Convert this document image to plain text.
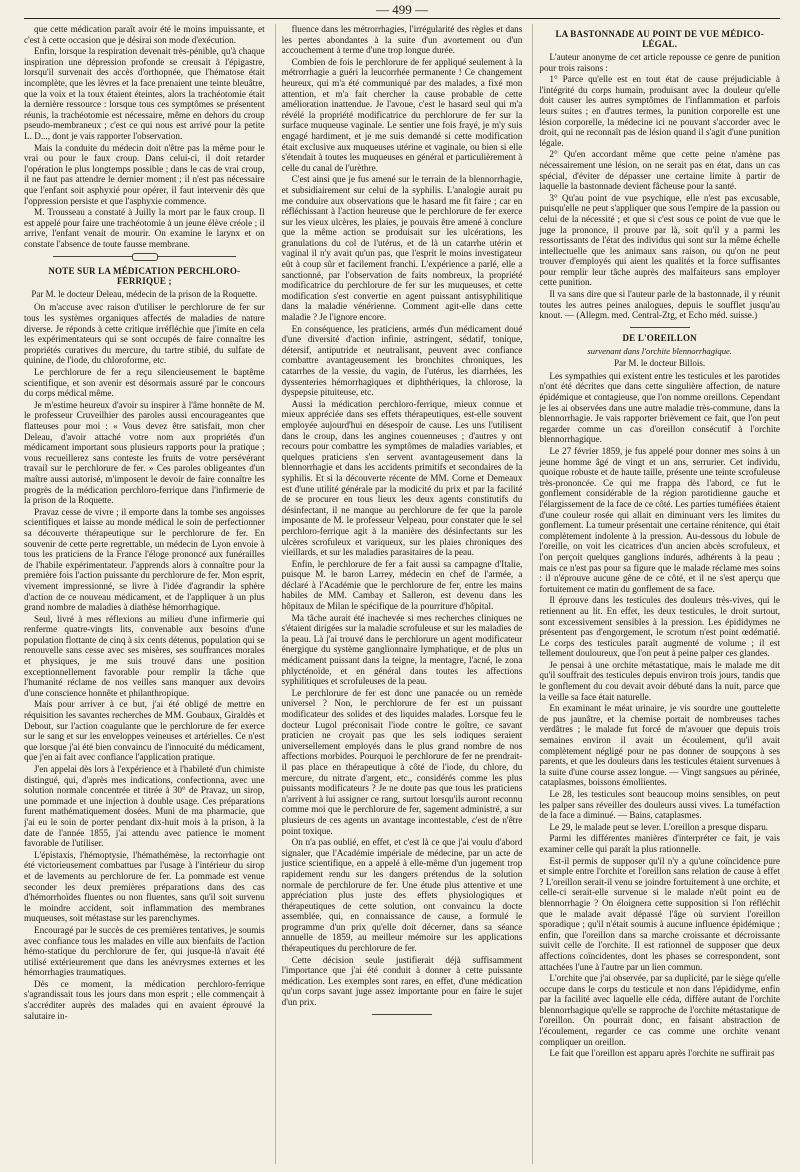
— 499 —

que cette médication paraît avoir été le moins impuissante, et c'est à cette occasion que je désirai son mode d'exécution.

Enfin, lorsque la respiration devenait très-pénible, qu'à chaque inspiration une dépression profonde se creusait à l'épigastre, lorsqu'il survenait des accès d'orthopnée, que l'hématose était incomplète, que les lèvres et la face prenaient une teinte bleuâtre, que la voix et la toux étaient éteintes, alors la trachéotomie était la dernière ressource : lorsque tous ces symptômes se présentent réunis, la trachéotomie est nécessaire, même en dehors du croup pseudo-membraneux ; c'est ce qui nous est arrivé pour la petite L. D..., dont je vais rapporter l'observation.

Mais la conduite du médecin doit n'être pas la même pour le vrai ou pour le faux croup. Dans celui-ci, il doit retarder l'opération le plus longtemps possible ; dans le cas de vrai croup, il ne faut pas attendre le dernier moment ; il n'est pas nécessaire que l'enfant soit asphyxié pour opérer, il faut intervenir dès que l'oppression persiste et que l'asphyxie commence.

M. Trousseau a constaté à Juilly la mort par le faux croup. Il est appelé pour faire une trachéotomie à un jeune élève créole ; il arrive, l'enfant venait de mourir. On examine le larynx et on constate l'absence de toute fausse membrane.

NOTE SUR LA MÉDICATION PERCHLORO-FERRIQUE ;
Par M. le docteur Deleau, médecin de la prison de la Roquette.

On m'accuse avec raison d'utiliser le perchlorure de fer sur tous les systèmes organiques affectés de maladies de nature diverse. Je réponds à cette critique irréfléchie que j'imite en cela les expérimentateurs qui se sont occupés de faire connaître les propriétés curatives du mercure, du tartre stibié, du sulfate de quinine, de l'iode, du chloroforme, etc.

Le perchlorure de fer a reçu silencieusement le baptême scientifique, et son avenir est désormais assuré par le concours du corps médical même.

Je m'estime heureux d'avoir su inspirer à l'âme honnête de M. le professeur Cruveilhier des paroles aussi encourageantes que flatteuses pour moi : « Vous devez être satisfait, mon cher Deleau, d'avoir attaché votre nom aux propriétés d'un médicament important sous plusieurs rapports pour la pratique ; vous recueillerez sans conteste les fruits de votre persévérant travail sur le perchlorure de fer. » Ces paroles obligeantes d'un maître aussi autorisé, m'imposent le devoir de faire connaître les progrès de la médication perchloro-ferrique dans l'infirmerie de la prison de la Roquette.

Pravaz cesse de vivre ; il emporte dans la tombe ses angoisses scientifiques et laisse au monde médical le soin de perfectionner sa découverte thérapeutique sur le perchlorure de fer. En souvenir de cette perte regrettable, un médecin de Lyon envoie à tous les praticiens de la France l'éloge prononcé aux funérailles de l'habile expérimentateur. J'apprends alors à connaître pour la première fois l'action puissante du perchlorure de fer. Mon esprit, vivement impressionné, se livre à l'idée d'agrandir la sphère d'action de ce nouveau médicament, et de l'appliquer à un plus grand nombre de maladies à diathèse hémorrhagique.

Seul, livré à mes réflexions au milieu d'une infirmerie qui renferme quatre-vingts lits, convenable aux besoins d'une population flottante de cinq à six cents détenus, population qui se renouvelle sans cesse avec ses misères, ses souffrances morales et physiques, je me suis trouvé dans une position exceptionnellement favorable pour remplir la tâche que l'humanité réclame de nos veilles sans manquer aux devoirs d'une conscience honnête et philanthropique.

Mais pour arriver à ce but, j'ai été obligé de mettre en réquisition les savantes recherches de MM. Goubaux, Giraldès et Debout, sur l'action coagulante que le perchlorure de fer exerce sur le sang et sur les enveloppes veineuses et artérielles. Ce n'est que lorsque j'ai été bien convaincu de l'innocuité du médicament, que j'en ai fait avec confiance l'application pratique.

J'en appelai dès lors à l'expérience et à l'habileté d'un chimiste distingué, qui, d'après mes indications, confectionna, avec une solution normale concentrée et titrée à 30° de Pravaz, un sirop, une pommade et une injection à double usage. Ces préparations furent mathématiquement dosées. Muni de ma pharmacie, que j'ai eu le soin de porter pendant dix-huit mois à la prison, à la date de l'année 1855, j'ai attendu avec patience le moment favorable de l'utiliser.

L'épistaxis, l'hémoptysie, l'hémathémèse, la rectorrhagie ont été victorieusement combattues par l'usage à l'intérieur du sirop et de lavements au perchlorure de fer. La pommade est venue seconder les deux premières préparations dans des cas d'hémorrhoïdes fluentes ou non fluentes, sans qu'il soit survenu le moindre accident, soit inflammation des membranes muqueuses, soit métastase sur les parenchymes.

Encouragé par le succès de ces premières tentatives, je soumis avec confiance tous les malades en ville aux bienfaits de l'action hémo-statique du perchlorure de fer, qui jusque-là n'avait été utilisé extérieurement que dans les anévrysmes externes et les hémorrhagies traumatiques.

Dès ce moment, la médication perchloro-ferrique s'agrandissait tous les jours dans mon esprit ; elle commençait à s'accréditer auprès des malades qui en avaient éprouvé la salutaire in-

fluence dans les métrorrhagies, l'irrégularité des règles et dans les pertes abondantes à la suite d'un avortement ou d'un accouchement à terme d'une trop longue durée.

Combien de fois le perchlorure de fer appliqué seulement à la métrorrhagie a guéri la leucorrhée permanente ! Ce changement heureux, qui m'a été communiqué par des malades, a fixé mon attention, et m'a fait chercher la cause probable de cette amélioration inattendue. Je l'avoue, c'est le hasard seul qui m'a révélé la propriété modificatrice du perchlorure de fer sur la surface muqueuse vaginale. Le sentier une fois frayé, je m'y suis engagé hardiment, et je me suis demandé si cette modification était exclusive aux muqueuses utérine et vaginale, ou bien si elle s'étendait à toutes les muqueuses en général et particulièrement à celle du canal de l'urèthre.

C'est ainsi que je fus amené sur le terrain de la blennorrhagie, et subsidiairement sur celui de la syphilis. L'analogie aurait pu me conduire aux observations que le hasard me fit faire ; car en réfléchissant à l'action heureuse que le perchlorure de fer exerce sur les vieux ulcères, les plaies, je pouvais être amené à conclure que la même action se produisait sur les ulcérations, les granulations du col de l'utérus, et de là un catarrhe utérin et vaginal il n'y avait qu'un pas, que l'esprit le moins investigateur eût à coup sûr et facilement franchi. L'expérience a parlé, elle a sanctionné, par l'observation de faits nombreux, la propriété modificatrice du perchlorure de fer sur les muqueuses, et cette modification s'est convertie en agent puissant antisyphilitique dans la maladie vénérienne. Comment agit-elle dans cette maladie ? Je l'ignore encore.

En conséquence, les praticiens, armés d'un médicament doué d'une diversité d'action infinie, astringent, sédatif, tonique, détersif, antiputride et neutralisant, peuvent avec confiance combattre avantageusement les bronchites chroniques, les catarrhes de la vessie, du vagin, de l'utérus, les diarrhées, les dyssenteries hémorrhagiques et diphthériques, la chlorose, la dyspepsie pituiteuse, etc.

Aussi la médication perchloro-ferrique, mieux connue et mieux appréciée dans ses effets thérapeutiques, est-elle souvent employée aujourd'hui en désespoir de cause. Les uns l'utilisent dans le croup, dans les angines couenneuses ; d'autres y ont recours pour combattre les symptômes de maladies variables, et quelques praticiens s'en servent avantageusement dans la blennorrhagie et dans les accidents primitifs et secondaires de la syphilis. Et si la découverte récente de MM. Corne et Demeaux est d'une utilité générale par la modicité du prix et par la facilité de se procurer en tous lieux les deux agents constitutifs du désinfectant, il ne manque au perchlorure de fer que la parole imposante de M. le professeur Velpeau, pour constater que le sel perchloro-ferrique agit à la manière des désinfectants sur les ulcères scrofuleux et variqueux, sur les plaies chroniques des vieillards, et sur les maladies parasitaires de la peau.

Enfin, le perchlorure de fer a fait aussi sa campagne d'Italie, puisque M. le baron Larrey, médecin en chef de l'armée, a déclaré à l'Académie que le perchlorure de fer, entre les mains habiles de MM. Cambay et Salleron, est devenu dans les hôpitaux de Milan le spécifique de la pourriture d'hôpital.

Ma tâche aurait été inachevée si mes recherches cliniques ne s'étaient dirigées sur la maladie scrofuleuse et sur les maladies de la peau. Là j'ai trouvé dans le perchlorure un agent modificateur énergique du système ganglionnaire lymphatique, et de plus un médicament puissant dans la teigne, la mentagre, l'acné, le zona phlycténoïde, et en général dans toutes les affections syphilitiques et scrofuleuses de la peau.

Le perchlorure de fer est donc une panacée ou un remède universel ? Non, le perchlorure de fer est un puissant modificateur des solides et des liquides malades. Lorsque feu le docteur Lugol préconisait l'iode contre le goître, ce savant praticien ne croyait pas que les sels iodiques seraient universellement employés dans le plus grand nombre de nos affections morbides. Pourquoi le perchlorure de fer ne prendrait-il pas place en thérapeutique à côté de l'iode, du chlore, du mercure, du nitrate d'argent, etc., considérés comme les plus puissants modificateurs ? Je ne doute pas que tous les praticiens n'arrivent à lui assigner ce rang, surtout lorsqu'ils auront reconnu comme moi que le perchlorure de fer, sagement administré, a sur plusieurs de ces agents un avantage incontestable, c'est de n'être point toxique.

On n'a pas oublié, en effet, et c'est là ce que j'ai voulu d'abord signaler, que l'Académie impériale de médecine, par un acte de justice scientifique, en a appelé à elle-même d'un jugement trop rapidement rendu sur les dangers prétendus de la solution normale de perchlorure de fer. Une étude plus attentive et une appréciation plus juste des effets physiologiques et thérapeutiques de cette solution, ont convaincu la docte assemblée, qui, en connaissance de cause, a formulé le programme d'un prix qu'elle doit décerner, dans sa séance annuelle de 1859, au meilleur mémoire sur les applications thérapeutiques du perchlorure de fer.

Cette décision seule justifierait déjà suffisamment l'importance que j'ai été conduit à donner à cette puissante médication. Les exemples sont rares, en effet, d'une médication qu'un corps savant juge assez importante pour en faire le sujet d'un prix.

LA BASTONNADE AU POINT DE VUE MÉDICO-LÉGAL.

L'auteur anonyme de cet article repousse ce genre de punition pour trois raisons :

1° Parce qu'elle est en tout état de cause préjudiciable à l'intégrité du corps humain, produisant avec la douleur qu'elle doit causer les autres symptômes de l'inflammation et parfois leurs suites ; en d'autres termes, la punition corporelle est une lésion corporelle, la médecine ici ne pouvant s'accorder avec le droit, qui ne reconnaît pas de lésion quand il s'agit d'une punition légale.

2° Qu'en accordant même que cette peine n'amène pas nécessairement une lésion, on ne serait pas en état, dans un cas spécial, d'éviter de dépasser une certaine limite à partir de laquelle la bastonnade devient fâcheuse pour la santé.

3° Qu'au point de vue psychique, elle n'est pas excusable, puisqu'elle ne peut s'appliquer que sous l'empire de la passion ou celui de la nécessité ; et que si c'est sous ce point de vue que le juge la prononce, il prouve par là, soit qu'il y a parmi les ressortissants de l'état des individus qui sont sur la même échelle intellectuelle que les animaux sans raison, ou qu'on ne peut trouver d'employés qui aient les qualités et la force suffisantes pour remplir leur tâche auprès des malfaiteurs sans employer cette punition.

Il va sans dire que si l'auteur parle de la bastonnade, il y réunit toutes les autres peines analogues, depuis le soufflet jusqu'au knout. — (Allegm. med. Central-Ztg, et Echo méd. suisse.)

DE L'OREILLON
survenant dans l'orchite blennorrhagique.
Par M. le docteur Billois.

Les sympathies qui existent entre les testicules et les parotides n'ont été décrites que dans cette singulière affection, de nature épidémique et contagieuse, que l'on nomme oreillons. Cependant je les ai observées dans une autre maladie très-commune, dans la blennorrhagie. Je vais rapporter brièvement ce fait, que l'on peut regarder comme un cas d'oreillon consécutif à l'orchite blennorrhagique.

Le 27 février 1859, je fus appelé pour donner mes soins à un jeune homme âgé de vingt et un ans, serrurier. Cet individu, quoique robuste et de haute taille, présente une teinte scrofuleuse très-prononcée. Ce qui me frappa dès l'abord, ce fut le gonflement considérable de la région parotidienne gauche et l'élargissement de la face de ce côté. Les parties tuméfiées étaient d'une couleur rosée qui allait en diminuant vers les limites du gonflement. La tumeur présentait une certaine rénitence, qui était complètement indolente à la pression. Au-dessous du lobule de l'oreille, on voit les cicatrices d'un ancien abcès scrofuleux, et l'on perçoit quelques ganglions indurés, adhérents à la peau ; mais ce n'est pas pour sa figure que le malade réclame mes soins : il n'éprouve aucune gêne de ce côté, et il ne s'est aperçu que fortuitement ce matin du gonflement de sa face.

Il éprouve dans les testicules des douleurs très-vives, qui le retiennent au lit. En effet, les deux testicules, le droit surtout, sont excessivement sensibles à la pression. Les épididymes ne présentent pas d'engorgement, le scrotum n'est point œdématié. Le corps des testicules paraît augmenté de volume ; il est tellement douloureux, que l'on peut à peine palper ces glandes.

Je pensai à une orchite métastatique, mais le malade me dit qu'il souffrait des testicules depuis environ trois jours, tandis que le gonflement du cou devait avoir débuté dans la nuit, parce que la veille sa face était naturelle.

En examinant le méat urinaire, je vis sourdre une gouttelette de pus jaunâtre, et la chemise portait de nombreuses taches verdâtres ; le malade fut forcé de m'avouer que depuis trois semaines environ il avait un écoulement, qu'il avait complètement négligé pour ne pas donner de soupçons à ses parents, et que les douleurs dans les testicules étaient survenues à la suite d'une course assez longue. — Vingt sangsues au périnée, cataplasmes, boissons émollientes.

Le 28, les testicules sont beaucoup moins sensibles, on peut les palper sans réveiller des douleurs aussi vives. La tuméfaction de la face a diminué. — Bains, cataplasmes.

Le 29, le malade peut se lever. L'oreillon a presque disparu.

Parmi les différentes manières d'interpréter ce fait, je vais examiner celle qui paraît la plus rationnelle.

Est-il permis de supposer qu'il n'y a qu'une coïncidence pure et simple entre l'orchite et l'oreillon sans relation de cause à effet ? L'oreillon serait-il venu se joindre fortuitement à une orchite, et celle-ci serait-elle survenue si le malade n'eût point eu de blennorrhagie ? On éloignera cette supposition si l'on réfléchit que le malade avait dépassé l'âge où survient l'oreillon sporadique ; qu'il n'était soumis à aucune influence épidémique ; enfin, que l'oreillon dans sa marche croissante et décroissante suivit celle de l'orchite. Il est rationnel de supposer que deux affections coïncidentes, dont les phases se correspondent, sont attachées l'une à l'autre par un lien commun.

L'orchite que j'ai observée, par sa duplicité, par le siège qu'elle occupe dans le corps du testicule et non dans l'épididyme, enfin par la facilité avec laquelle elle céda, diffère autant de l'orchite blennorrhagique qu'elle se rapproche de l'orchite métastatique de l'oreillon. On pourrait donc, en faisant abstraction de l'écoulement, regarder ce cas comme une orchite venant compliquer un oreillon.

Le fait que l'oreillon est apparu après l'orchite ne suffirait pas
